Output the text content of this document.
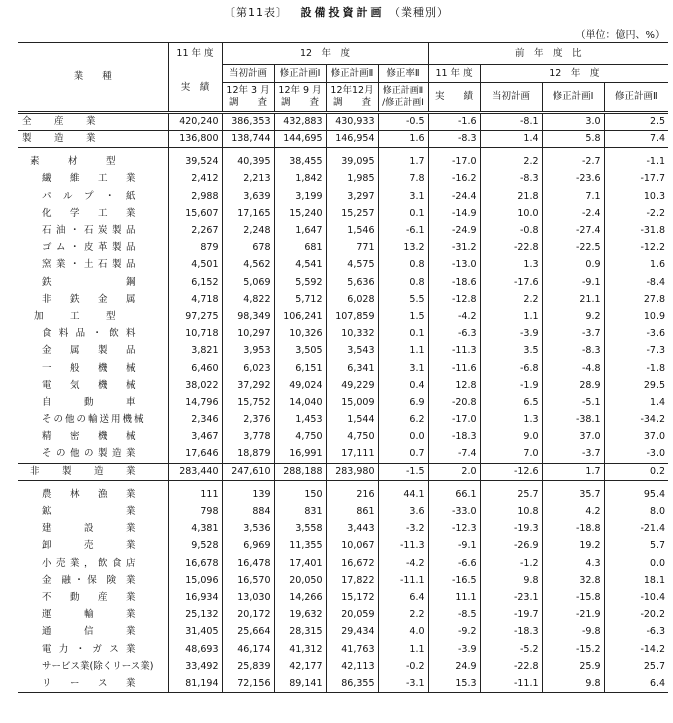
〔第11表〕 設備投資計画 （業種別）
（単位：億円、%）
業　　種	11 年 度	12　年　度				前　年　度　比			
	実　績	当初計画	修正計画Ⅰ	修正計画Ⅱ	修正率Ⅱ	11 年 度	12　年　度		
		12年 3 月 調　　査	12年 9 月 調　　査	12年12月 調　　査	修正計画Ⅱ /修正計画Ⅰ	実　　績	当初計画	修正計画Ⅰ	修正計画Ⅱ

全　　産　　業	420,240	386,353	432,883	430,933	-0.5	-1.6	-8.1	3.0	2.5

製　　造　　業	136,800	138,744	144,695	146,954	1.6	-8.3	1.4	5.8	7.4

素　材　型	39,524	40,395	38,455	39,095	1.7	-17.0	2.2	-2.7	-1.1

繊　維　工　業	2,412	2,213	1,842	1,985	7.8	-16.2	-8.3	-23.6	-17.7

パ ル プ ・ 紙	2,988	3,639	3,199	3,297	3.1	-24.4	21.8	7.1	10.3

化　学　工　業	15,607	17,165	15,240	15,257	0.1	-14.9	10.0	-2.4	-2.2

石油・石炭製品	2,267	2,248	1,647	1,546	-6.1	-24.9	-0.8	-27.4	-31.8

ゴム・皮革製品	879	678	681	771	13.2	-31.2	-22.8	-22.5	-12.2

窯業・土石製品	4,501	4,562	4,541	4,575	0.8	-13.0	1.3	0.9	1.6

鉄　　　鋼	6,152	5,069	5,592	5,636	0.8	-18.6	-17.6	-9.1	-8.4

非　鉄　金　属	4,718	4,822	5,712	6,028	5.5	-12.8	2.2	21.1	27.8

加　工　型	97,275	98,349	106,241	107,859	1.5	-4.2	1.1	9.2	10.9

食 料 品 ・ 飲 料	10,718	10,297	10,326	10,332	0.1	-6.3	-3.9	-3.7	-3.6

金　属　製　品	3,821	3,953	3,505	3,543	1.1	-11.3	3.5	-8.3	-7.3

一　般　機　械	6,460	6,023	6,151	6,341	3.1	-11.6	-6.8	-4.8	-1.8

電　気　機　械	38,022	37,292	49,024	49,229	0.4	12.8	-1.9	28.9	29.5

自　　動　　車	14,796	15,752	14,040	15,009	6.9	-20.8	6.5	-5.1	1.4

その他の輸送用機械	2,346	2,376	1,453	1,544	6.2	-17.0	1.3	-38.1	-34.2

精　密　機　械	3,467	3,778	4,750	4,750	0.0	-18.3	9.0	37.0	37.0

その他の製造業	17,646	18,879	16,991	17,111	0.7	-7.4	7.0	-3.7	-3.0

非　製　造　業	283,440	247,610	288,188	283,980	-1.5	2.0	-12.6	1.7	0.2

農　林　漁　業	111	139	150	216	44.1	66.1	25.7	35.7	95.4

鉱　　　　業	798	884	831	861	3.6	-33.0	10.8	4.2	8.0

建　　設　　業	4,381	3,536	3,558	3,443	-3.2	-12.3	-19.3	-18.8	-21.4

卸　　売　　業	9,528	6,969	11,355	10,067	-11.3	-9.1	-26.9	19.2	5.7

小売業，飲食店	16,678	16,478	17,401	16,672	-4.2	-6.6	-1.2	4.3	0.0

金　融 ・ 保　険　業	15,096	16,570	20,050	17,822	-11.1	-16.5	9.8	32.8	18.1

不　動　産　業	16,934	13,030	14,266	15,172	6.4	11.1	-23.1	-15.8	-10.4

運　　輸　　業	25,132	20,172	19,632	20,059	2.2	-8.5	-19.7	-21.9	-20.2

通　　信　　業	31,405	25,664	28,315	29,434	4.0	-9.2	-18.3	-9.8	-6.3

電 力 ・ ガ ス 業	48,693	46,174	41,312	41,763	1.1	-3.9	-5.2	-15.2	-14.2

サービス業(除くリース業)	33,492	25,839	42,177	42,113	-0.2	24.9	-22.8	25.9	25.7

リ　ー　ス　業	81,194	72,156	89,141	86,355	-3.1	15.3	-11.1	9.8	6.4
